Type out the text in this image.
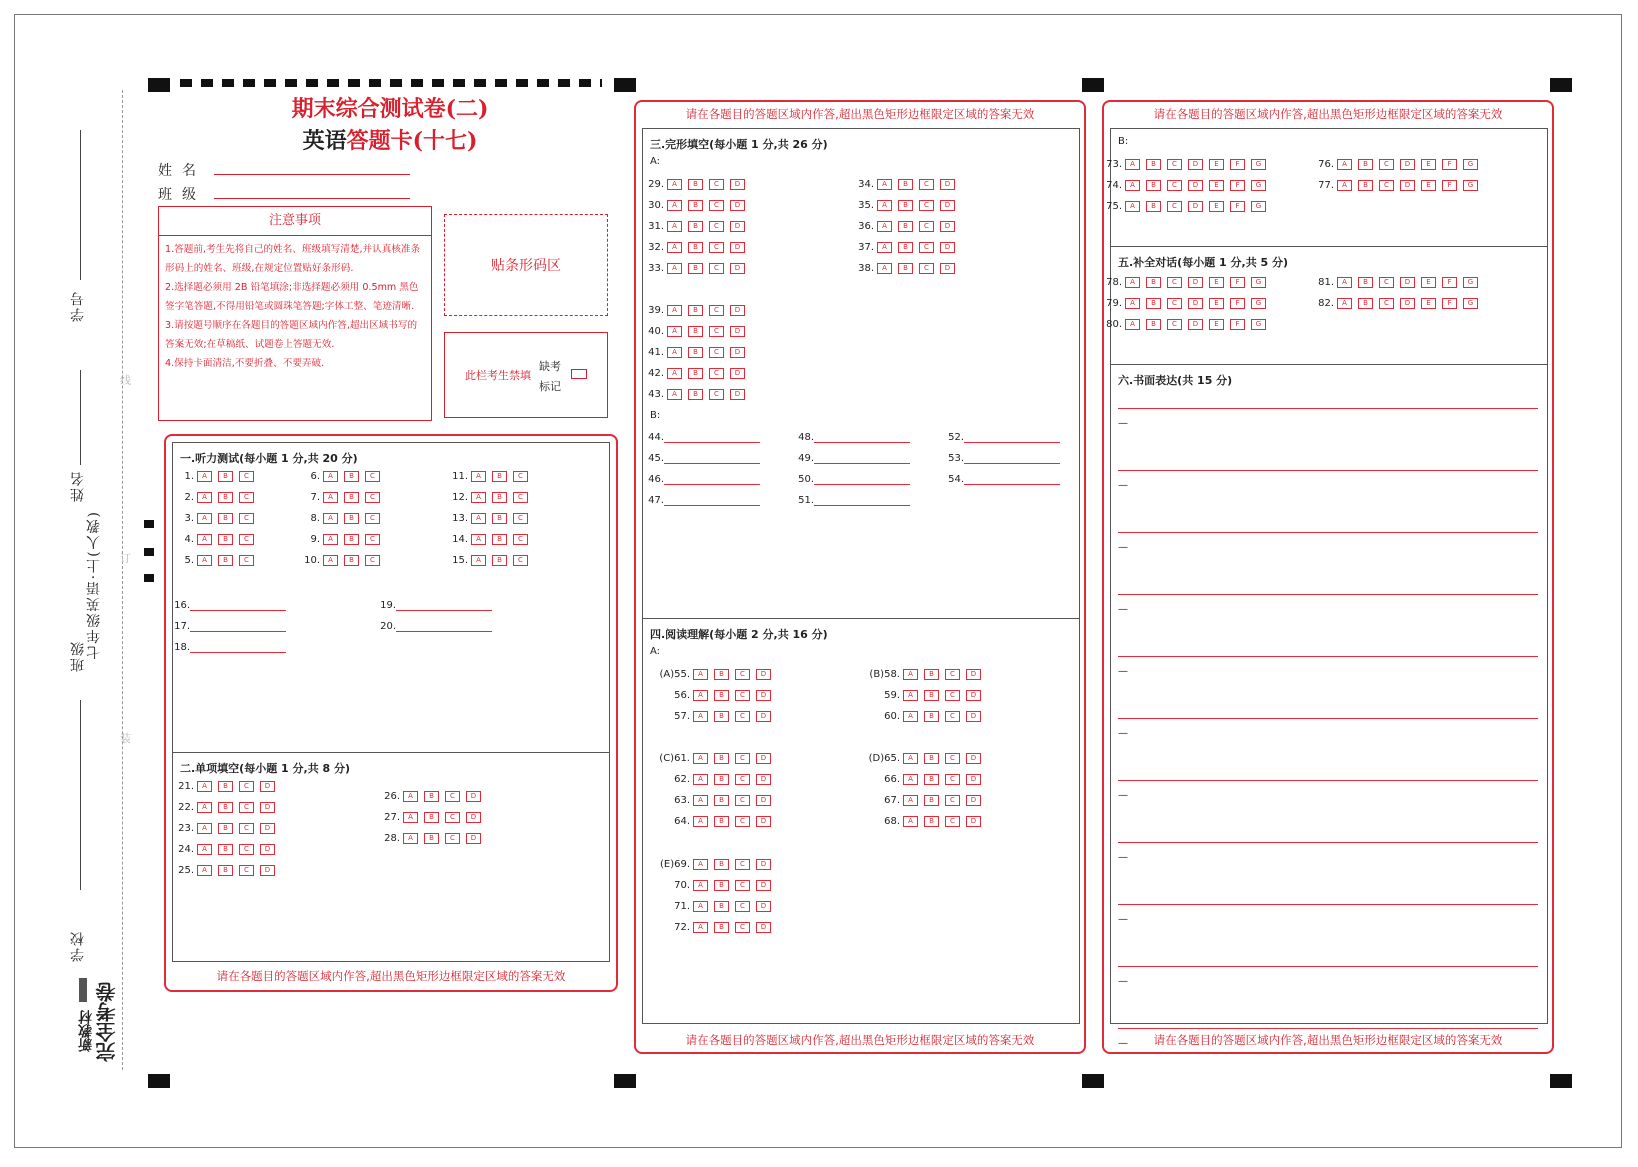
学号
姓名
七年级英语·上(人教)
班级
学校
新教材 完全考卷
线
订
装
期末综合测试卷(二)
英语答题卡(十七)
姓名
班级
注意事项
1.答题前,考生先将自己的姓名、班级填写清楚,并认真核准条形码上的姓名、班级,在规定位置贴好条形码.
2.选择题必须用 2B 铅笔填涂;非选择题必须用 0.5mm 黑色签字笔答题,不得用铅笔或圆珠笔答题;字体工整、笔迹清晰.
3.请按题号顺序在各题目的答题区域内作答,超出区域书写的答案无效;在草稿纸、试题卷上答题无效.
4.保持卡面清洁,不要折叠、不要弄破.
贴条形码区
此栏考生禁填
缺考标记
请在各题目的答题区域内作答,超出黑色矩形边框限定区域的答案无效
一.听力测试(每小题 1 分,共 20 分)
1. A B C
2. A B C
3. A B C
4. A B C
5. A B C
6. A B C
7. A B C
8. A B C
9. A B C
10. A B C
11. A B C
12. A B C
13. A B C
14. A B C
15. A B C
16.
17.
18.
19.
20.
二.单项填空(每小题 1 分,共 8 分)
21. A B C D
22. A B C D
23. A B C D
24. A B C D
25. A B C D
26. A B C D
27. A B C D
28. A B C D
请在各题目的答题区域内作答,超出黑色矩形边框限定区域的答案无效
请在各题目的答题区域内作答,超出黑色矩形边框限定区域的答案无效
三.完形填空(每小题 1 分,共 26 分)
A:
29. A B C D
30. A B C D
31. A B C D
32. A B C D
33. A B C D
34. A B C D
35. A B C D
36. A B C D
37. A B C D
38. A B C D
39. A B C D
40. A B C D
41. A B C D
42. A B C D
43. A B C D
B:
44.
45.
46.
47.
48.
49.
50.
51.
52.
53.
54.
四.阅读理解(每小题 2 分,共 16 分)
A:
(A)55. A B C D
56. A B C D
57. A B C D
(B)58. A B C D
59. A B C D
60. A B C D
(C)61. A B C D
62. A B C D
63. A B C D
64. A B C D
(D)65. A B C D
66. A B C D
67. A B C D
68. A B C D
(E)69. A B C D
70. A B C D
71. A B C D
72. A B C D
请在各题目的答题区域内作答,超出黑色矩形边框限定区域的答案无效
请在各题目的答题区域内作答,超出黑色矩形边框限定区域的答案无效
B:
73. A B C D E F G
74. A B C D E F G
75. A B C D E F G
76. A B C D E F G
77. A B C D E F G
五.补全对话(每小题 1 分,共 5 分)
78. A B C D E F G
79. A B C D E F G
80. A B C D E F G
81. A B C D E F G
82. A B C D E F G
六.书面表达(共 15 分)
—
—
—
—
—
—
—
—
—
—
—
